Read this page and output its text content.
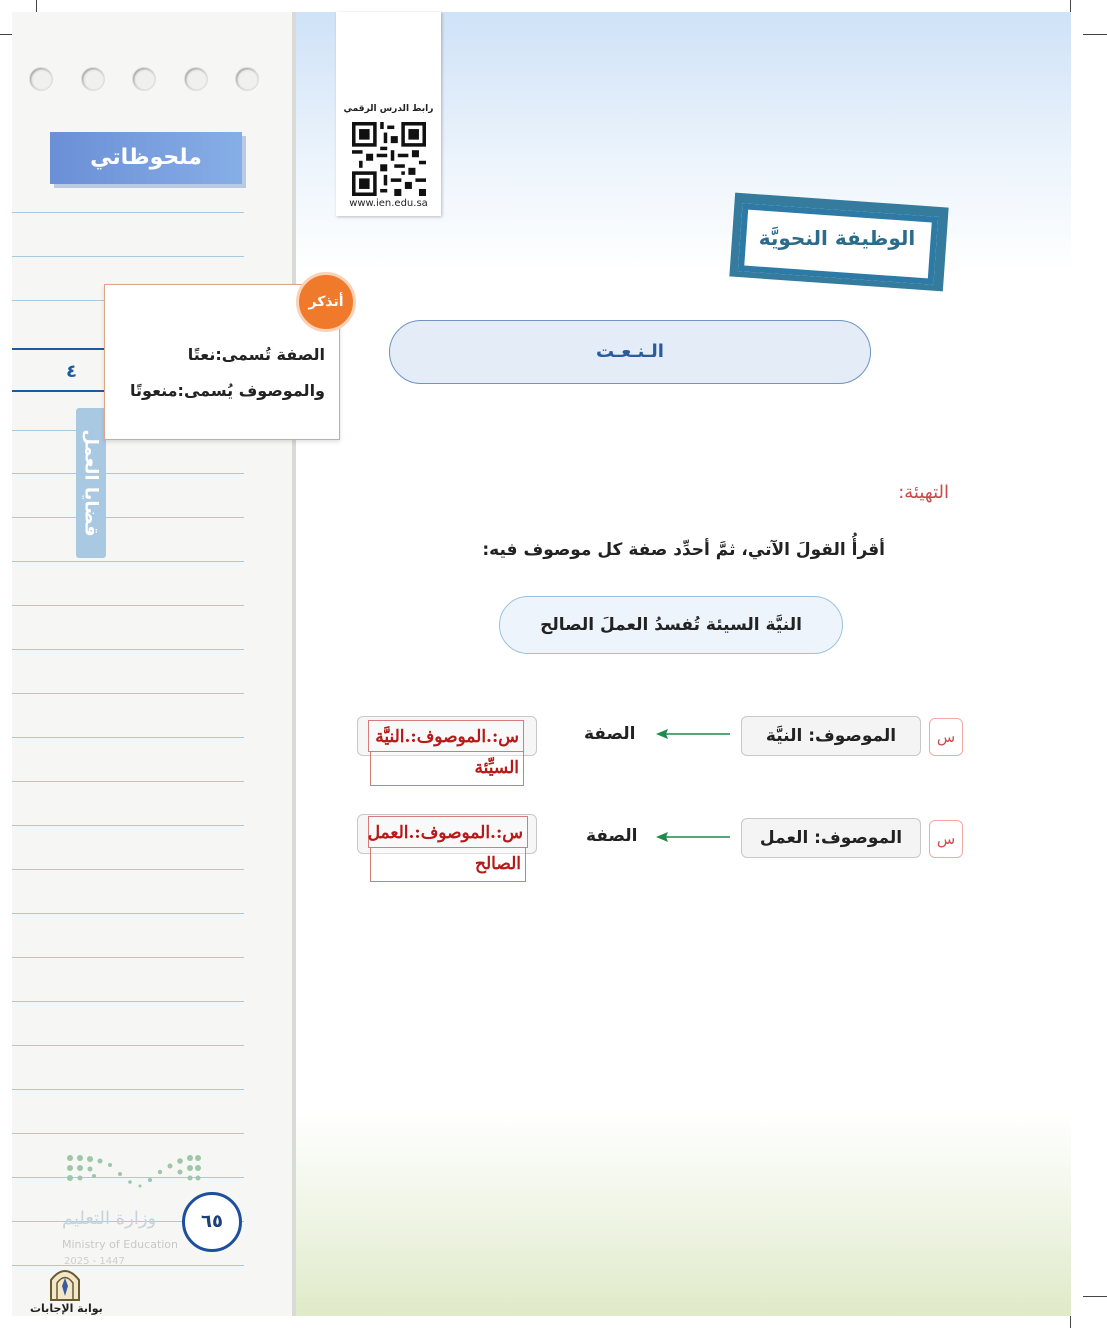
ملحوظاتي
٤
قضايا العمل
وزارة التعليم
Ministry of Education
2025 - 1447
٦٥
بوابة الإجابات
رابط الدرس الرقمي
www.ien.edu.sa
الوظيفة النحويَّة
الصفة تُسمى:نعتًا
والموصوف يُسمى:منعوتًا
أتذكر
الـنـعـت
التهيئة:
أقرأُ القولَ الآتي، ثمَّ أحدِّد صفة كل موصوف فيه:
النيَّة السيئة تُفسدُ العملَ الصالح
س
الموصوف: النيَّة
الصفة
س:.الموصوف:.النيَّة
السيِّئة
س
الموصوف: العمل
الصفة
س:.الموصوف:.العمل
الصالح
